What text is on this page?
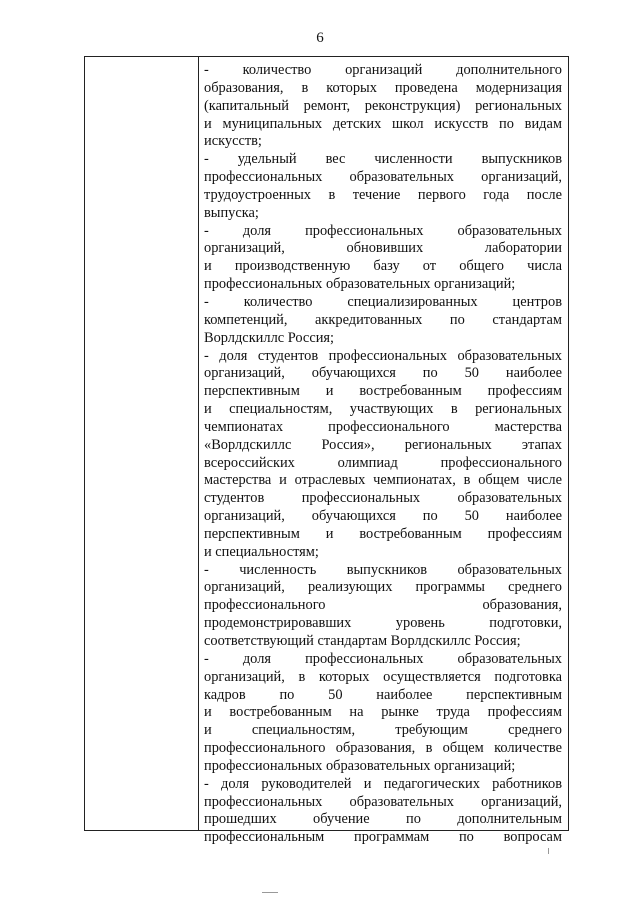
6
- количество организаций дополнительного
образования, в которых проведена модернизация
(капитальный ремонт, реконструкция) региональных
и муниципальных детских школ искусств по видам
искусств;
- удельный вес численности выпускников
профессиональных образовательных организаций,
трудоустроенных в течение первого года после
выпуска;
- доля профессиональных образовательных
организаций, обновивших лаборатории
и производственную базу от общего числа
профессиональных образовательных организаций;
- количество специализированных центров
компетенций, аккредитованных по стандартам
Ворлдскиллс Россия;
- доля студентов профессиональных образовательных
организаций, обучающихся по 50 наиболее
перспективным и востребованным профессиям
и специальностям, участвующих в региональных
чемпионатах профессионального мастерства
«Ворлдскиллс Россия», региональных этапах
всероссийских олимпиад профессионального
мастерства и отраслевых чемпионатах, в общем числе
студентов профессиональных образовательных
организаций, обучающихся по 50 наиболее
перспективным и востребованным профессиям
и специальностям;
- численность выпускников образовательных
организаций, реализующих программы среднего
профессионального образования,
продемонстрировавших уровень подготовки,
соответствующий стандартам Ворлдскиллс Россия;
- доля профессиональных образовательных
организаций, в которых осуществляется подготовка
кадров по 50 наиболее перспективным
и востребованным на рынке труда профессиям
и специальностям, требующим среднего
профессионального образования, в общем количестве
профессиональных образовательных организаций;
- доля руководителей и педагогических работников
профессиональных образовательных организаций,
прошедших обучение по дополнительным
профессиональным программам по вопросам
